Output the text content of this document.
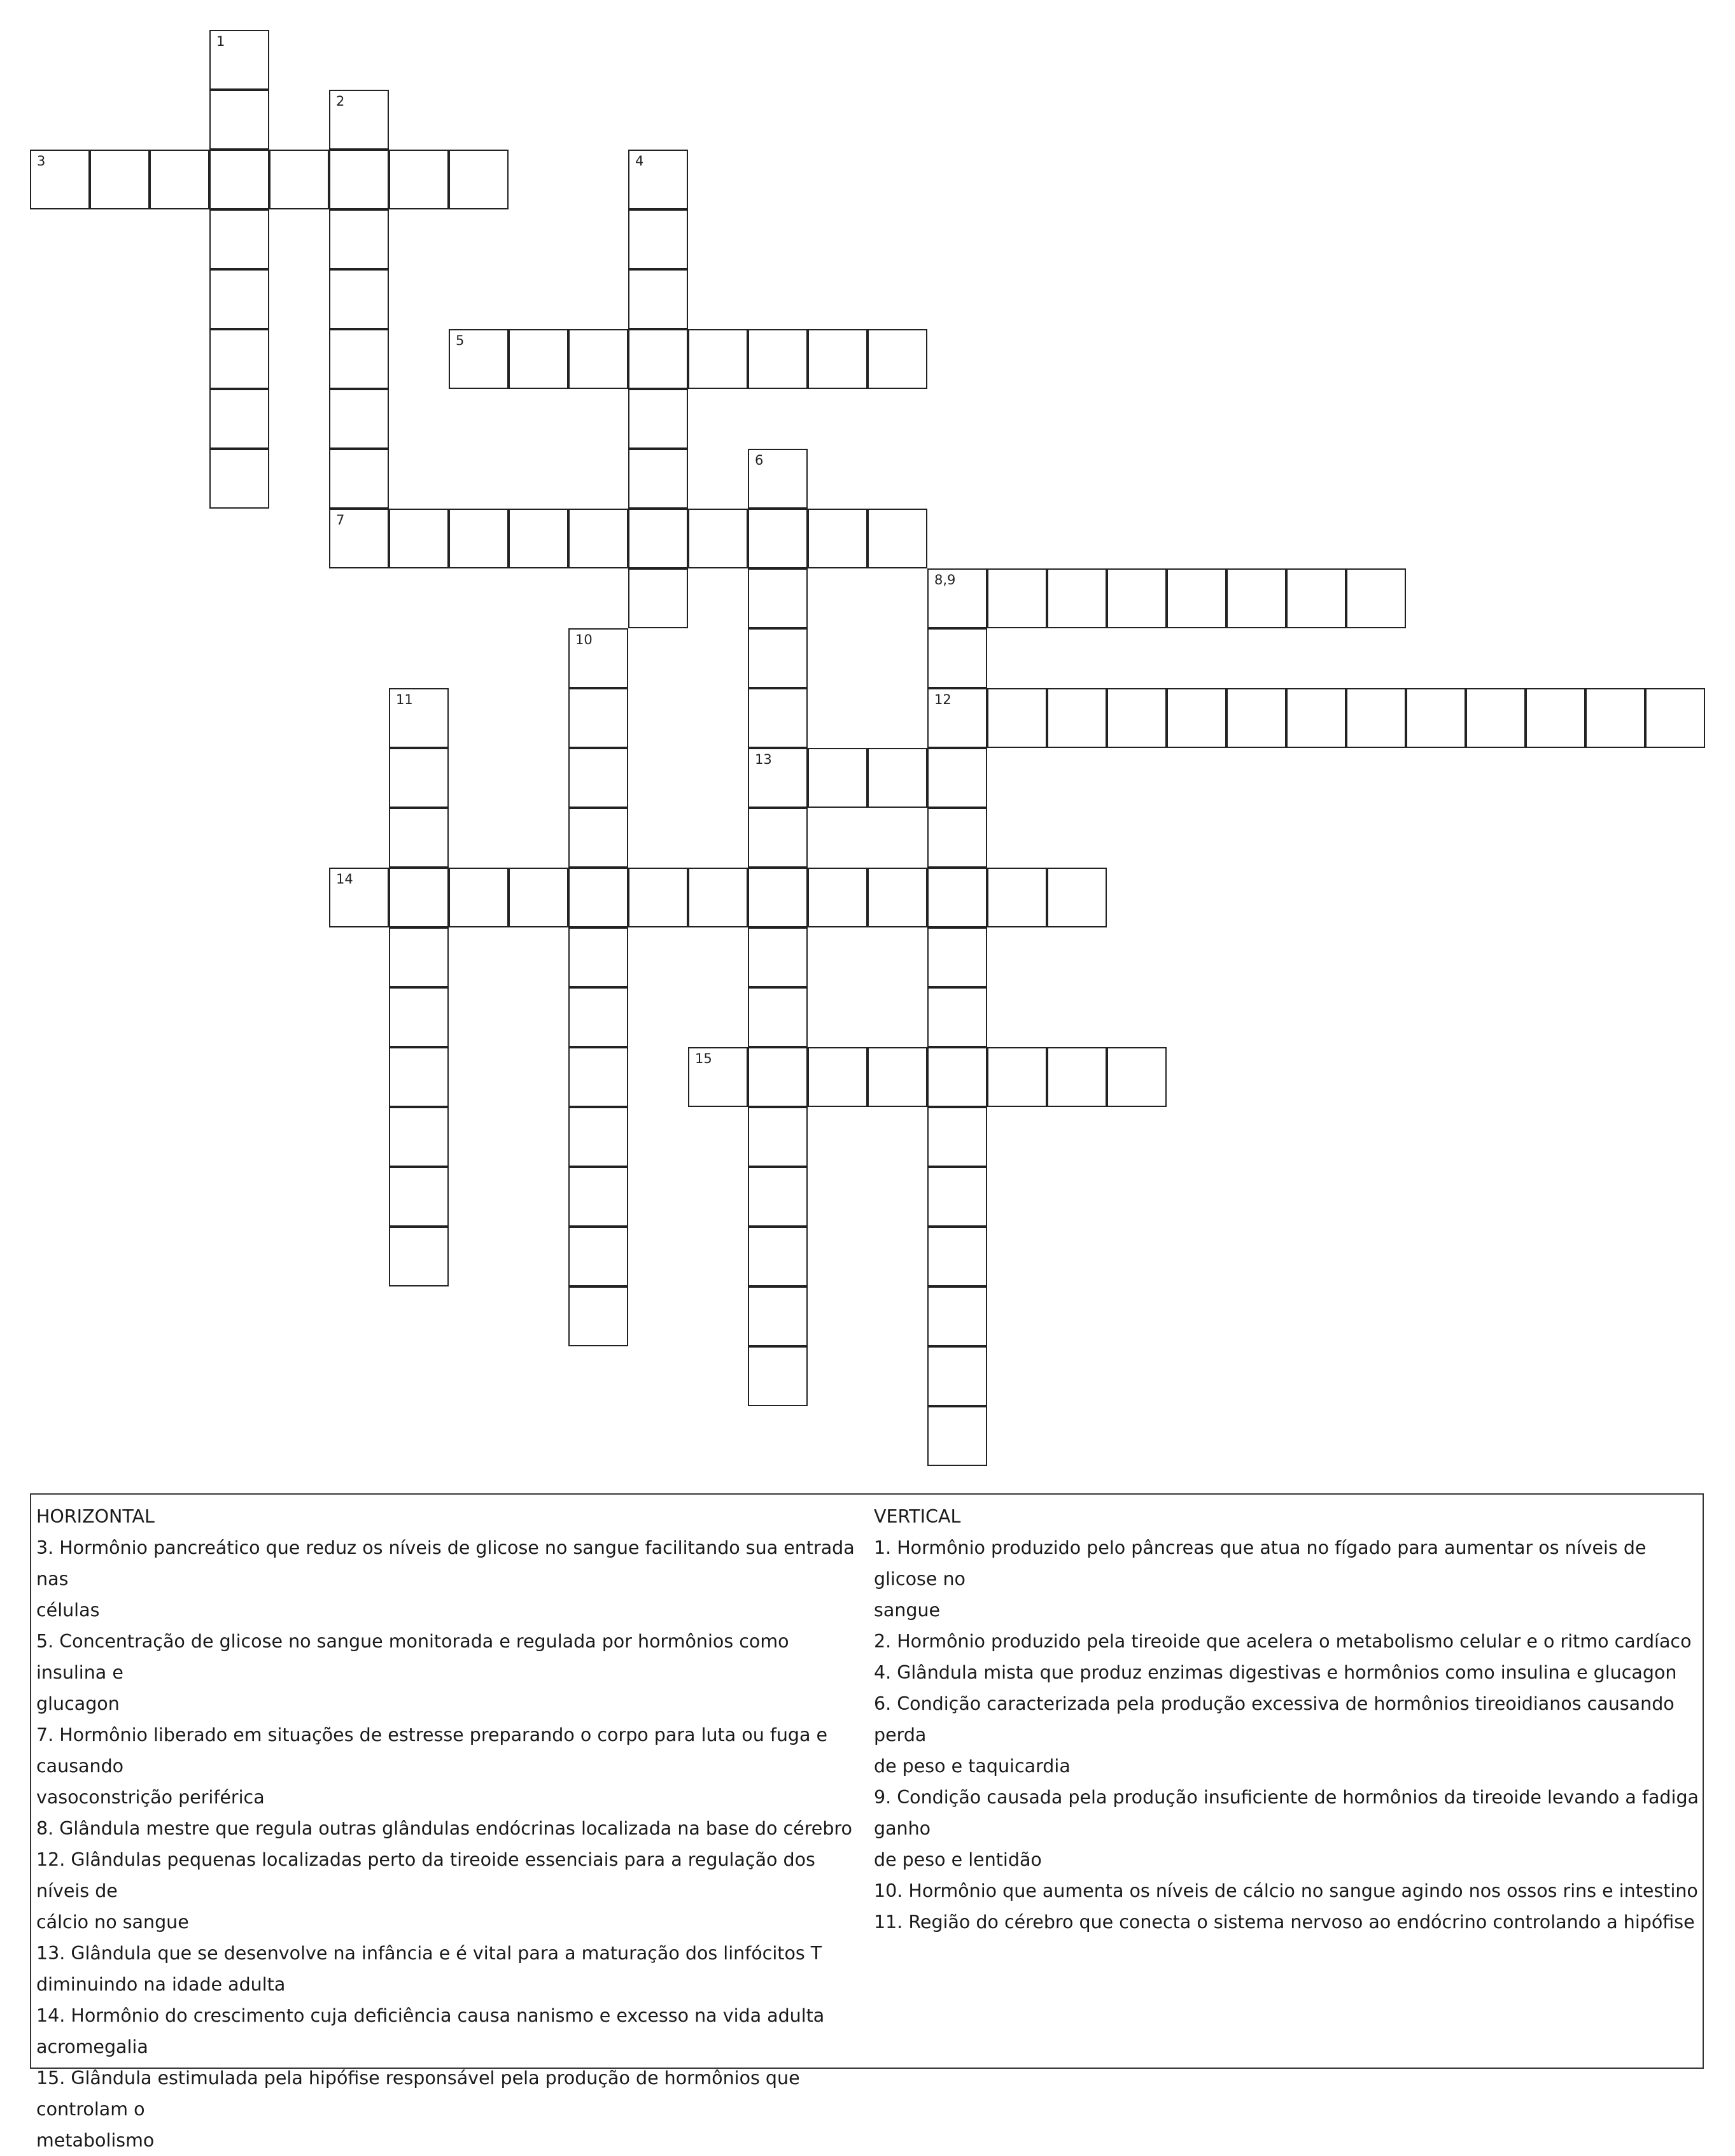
1
2
3	4
5
6
13
7
8,9
12
10
11
14
15
HORIZONTAL
3. Hormônio pancreático que reduz os níveis de glicose no sangue facilitando sua entrada nas
células
5. Concentração de glicose no sangue monitorada e regulada por hormônios como insulina e
glucagon
7. Hormônio liberado em situações de estresse preparando o corpo para luta ou fuga e causando
vasoconstrição periférica
8. Glândula mestre que regula outras glândulas endócrinas localizada na base do cérebro
12. Glândulas pequenas localizadas perto da tireoide essenciais para a regulação dos níveis de
cálcio no sangue
13. Glândula que se desenvolve na infância e é vital para a maturação dos linfócitos T
diminuindo na idade adulta
14. Hormônio do crescimento cuja deficiência causa nanismo e excesso na vida adulta
acromegalia
15. Glândula estimulada pela hipófise responsável pela produção de hormônios que controlam o
metabolismo
VERTICAL
1. Hormônio produzido pelo pâncreas que atua no fígado para aumentar os níveis de glicose no
sangue
2. Hormônio produzido pela tireoide que acelera o metabolismo celular e o ritmo cardíaco
4. Glândula mista que produz enzimas digestivas e hormônios como insulina e glucagon
6. Condição caracterizada pela produção excessiva de hormônios tireoidianos causando perda
de peso e taquicardia
9. Condição causada pela produção insuficiente de hormônios da tireoide levando a fadiga ganho
de peso e lentidão
10. Hormônio que aumenta os níveis de cálcio no sangue agindo nos ossos rins e intestino
11. Região do cérebro que conecta o sistema nervoso ao endócrino controlando a hipófise
